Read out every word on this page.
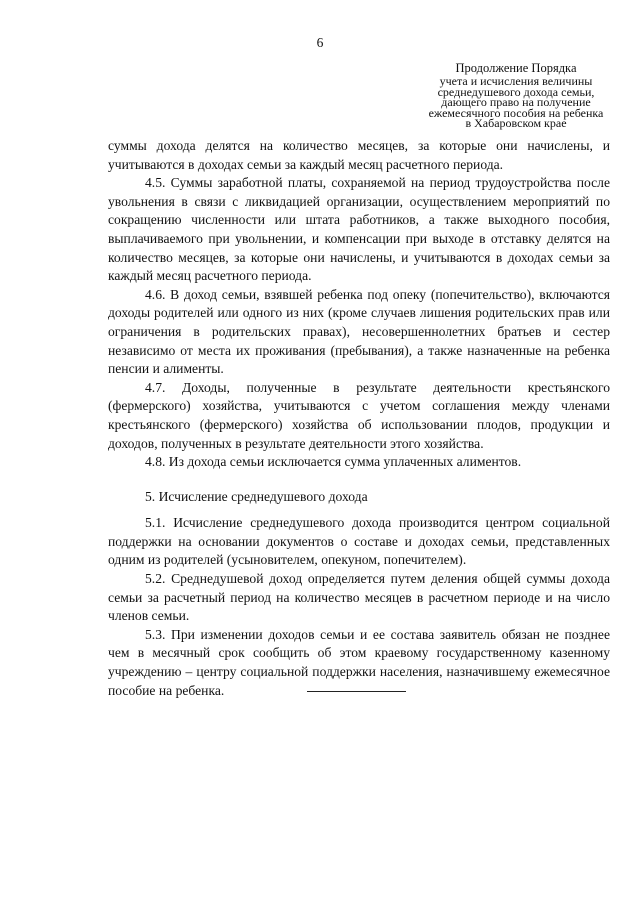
6
Продолжение Порядка
учета и исчисления величины
среднедушевого дохода семьи,
дающего право на получение
ежемесячного пособия на ребенка
в Хабаровском крае

суммы дохода делятся на количество месяцев, за которые они начислены, и учитываются в доходах семьи за каждый месяц расчетного периода.

4.5. Суммы заработной платы, сохраняемой на период трудоустройства после увольнения в связи с ликвидацией организации, осуществлением мероприятий по сокращению численности или штата работников, а также выходного пособия, выплачиваемого при увольнении, и компенсации при выходе в отставку делятся на количество месяцев, за которые они начислены, и учитываются в доходах семьи за каждый месяц расчетного периода.

4.6. В доход семьи, взявшей ребенка под опеку (попечительство), включаются доходы родителей или одного из них (кроме случаев лишения родительских прав или ограничения в родительских правах), несовершеннолетних братьев и сестер независимо от места их проживания (пребывания), а также назначенные на ребенка пенсии и алименты.

4.7. Доходы, полученные в результате деятельности крестьянского (фермерского) хозяйства, учитываются с учетом соглашения между членами крестьянского (фермерского) хозяйства об использовании плодов, продукции и доходов, полученных в результате деятельности этого хозяйства.

4.8. Из дохода семьи исключается сумма уплаченных алиментов.

5. Исчисление среднедушевого дохода

5.1. Исчисление среднедушевого дохода производится центром социальной поддержки на основании документов о составе и доходах семьи, представленных одним из родителей (усыновителем, опекуном, попечителем).

5.2. Среднедушевой доход определяется путем деления общей суммы дохода семьи за расчетный период на количество месяцев в расчетном периоде и на число членов семьи.

5.3. При изменении доходов семьи и ее состава заявитель обязан не позднее чем в месячный срок сообщить об этом краевому государственному казенному учреждению – центру социальной поддержки населения, назначившему ежемесячное пособие на ребенка.
